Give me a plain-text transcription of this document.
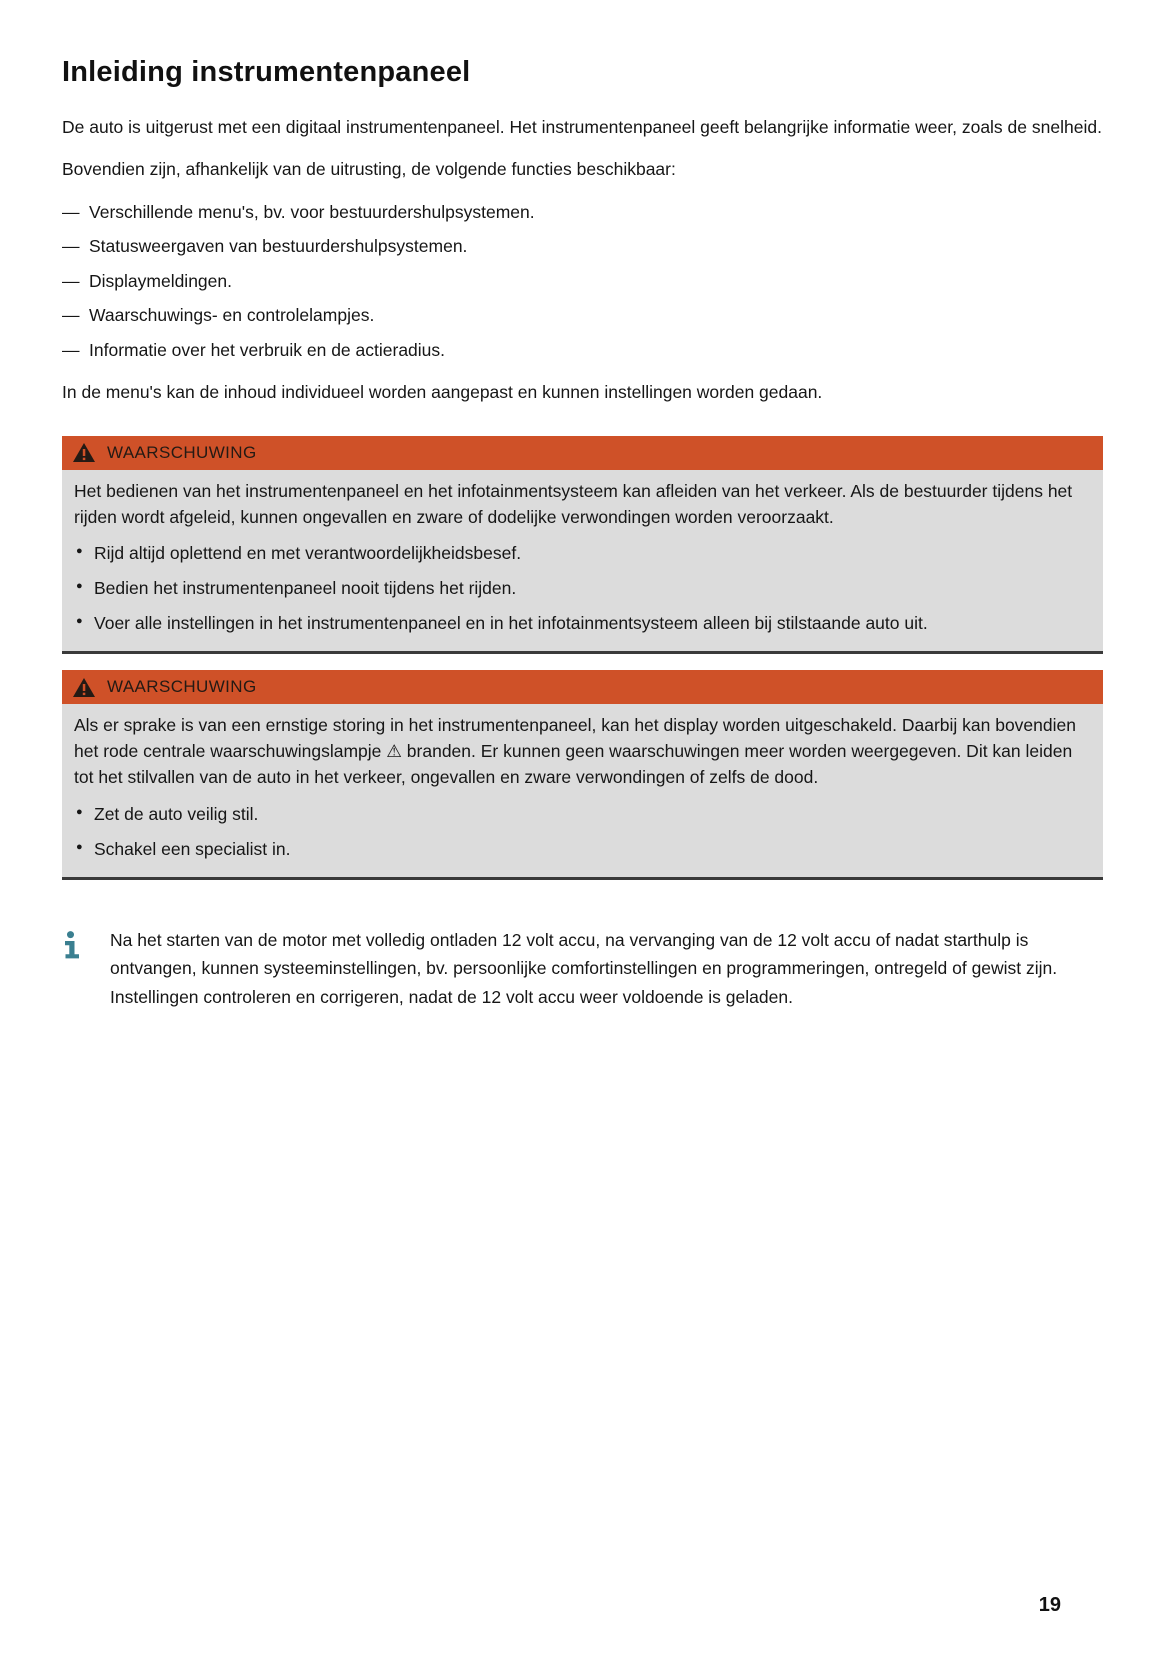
Inleiding instrumentenpaneel

De auto is uitgerust met een digitaal instrumentenpaneel. Het instrumentenpaneel geeft belangrijke informatie weer, zoals de snelheid.

Bovendien zijn, afhankelijk van de uitrusting, de volgende functies beschikbaar:

— Verschillende menu's, bv. voor bestuurdershulpsystemen.
— Statusweergaven van bestuurdershulpsystemen.
— Displaymeldingen.
— Waarschuwings- en controlelampjes.
— Informatie over het verbruik en de actieradius.

In de menu's kan de inhoud individueel worden aangepast en kunnen instellingen worden gedaan.

WAARSCHUWING

Het bedienen van het instrumentenpaneel en het infotainmentsysteem kan afleiden van het verkeer. Als de bestuurder tijdens het rijden wordt afgeleid, kunnen ongevallen en zware of dodelijke verwondingen worden veroorzaakt.

● Rijd altijd oplettend en met verantwoordelijkheidsbesef.
● Bedien het instrumentenpaneel nooit tijdens het rijden.
● Voer alle instellingen in het instrumentenpaneel en in het infotainmentsysteem alleen bij stilstaande auto uit.
WAARSCHUWING

Als er sprake is van een ernstige storing in het instrumentenpaneel, kan het display worden uitgeschakeld. Daarbij kan bovendien het rode centrale waarschuwingslampje ⚠ branden. Er kunnen geen waarschuwingen meer worden weergegeven. Dit kan leiden tot het stilvallen van de auto in het verkeer, ongevallen en zware verwondingen of zelfs de dood.

● Zet de auto veilig stil.
● Schakel een specialist in.

Na het starten van de motor met volledig ontladen 12 volt accu, na vervanging van de 12 volt accu of nadat starthulp is ontvangen, kunnen systeeminstellingen, bv. persoonlijke comfortinstellingen en programmeringen, ontregeld of gewist zijn. Instellingen controleren en corrigeren, nadat de 12 volt accu weer voldoende is geladen.

19
